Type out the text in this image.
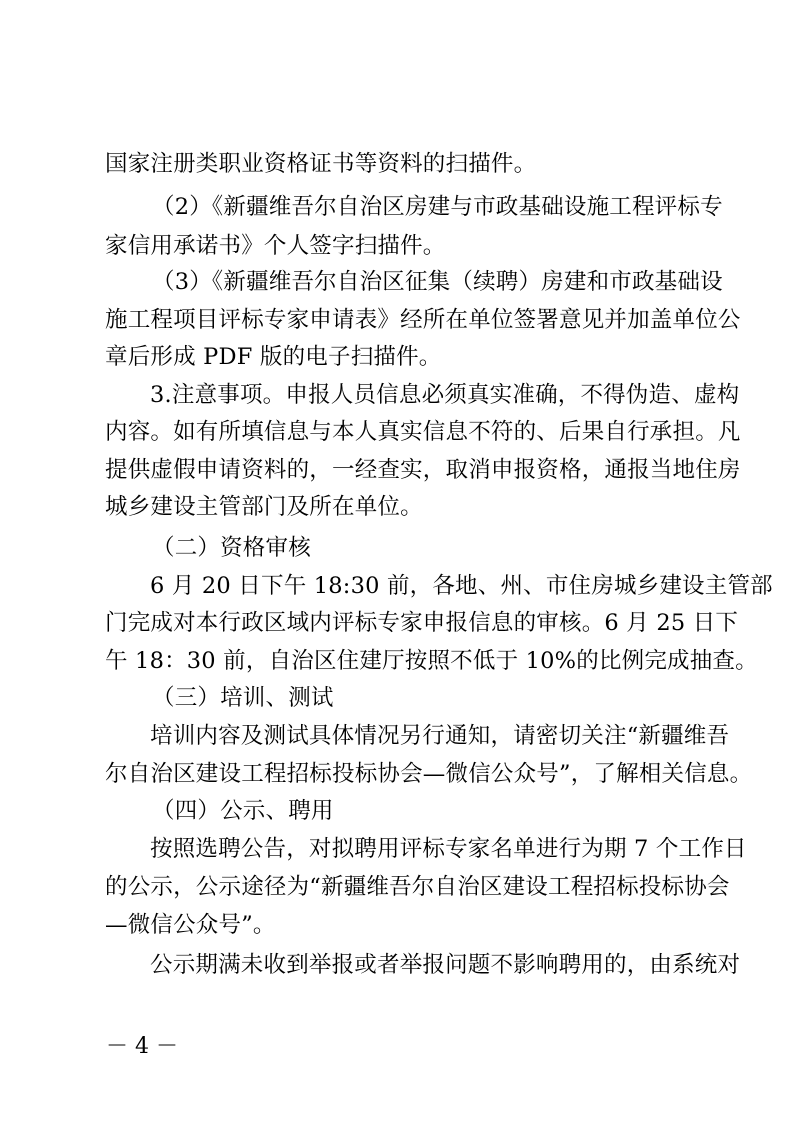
国家注册类职业资格证书等资料的扫描件。
（2）《新疆维吾尔自治区房建与市政基础设施工程评标专
家信用承诺书》个人签字扫描件。
（3）《新疆维吾尔自治区征集（续聘）房建和市政基础设
施工程项目评标专家申请表》经所在单位签署意见并加盖单位公
章后形成 PDF 版的电子扫描件。
3.注意事项。申报人员信息必须真实准确，不得伪造、虚构
内容。如有所填信息与本人真实信息不符的、后果自行承担。凡
提供虚假申请资料的，一经查实，取消申报资格，通报当地住房
城乡建设主管部门及所在单位。
（二）资格审核
6 月 20 日下午 18:30 前，各地、州、市住房城乡建设主管部
门完成对本行政区域内评标专家申报信息的审核。6 月 25 日下
午 18：30 前，自治区住建厅按照不低于 10%的比例完成抽查。
（三）培训、测试
培训内容及测试具体情况另行通知，请密切关注“新疆维吾
尔自治区建设工程招标投标协会—微信公众号”，了解相关信息。
（四）公示、聘用
按照选聘公告，对拟聘用评标专家名单进行为期 7 个工作日
的公示，公示途径为“新疆维吾尔自治区建设工程招标投标协会
—微信公众号”。
公示期满未收到举报或者举报问题不影响聘用的，由系统对
－ 4 －
